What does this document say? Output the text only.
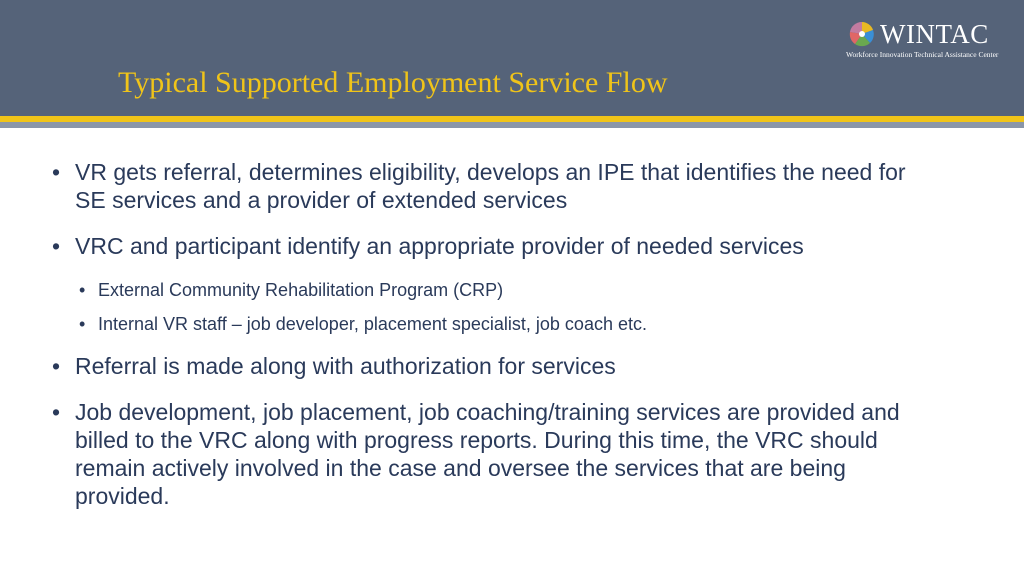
Typical Supported Employment Service Flow
WINTAC
Workforce Innovation Technical Assistance Center
• VR gets referral, determines eligibility, develops an IPE that identifies the need for SE services and a provider of extended services
• VRC and participant identify an appropriate provider of needed services
• External Community Rehabilitation Program (CRP)
• Internal VR staff – job developer, placement specialist, job coach etc.
• Referral is made along with authorization for services
• Job development, job placement, job coaching/training services are provided and billed to the VRC along with progress reports. During this time, the VRC should remain actively involved in the case and oversee the services that are being provided.
